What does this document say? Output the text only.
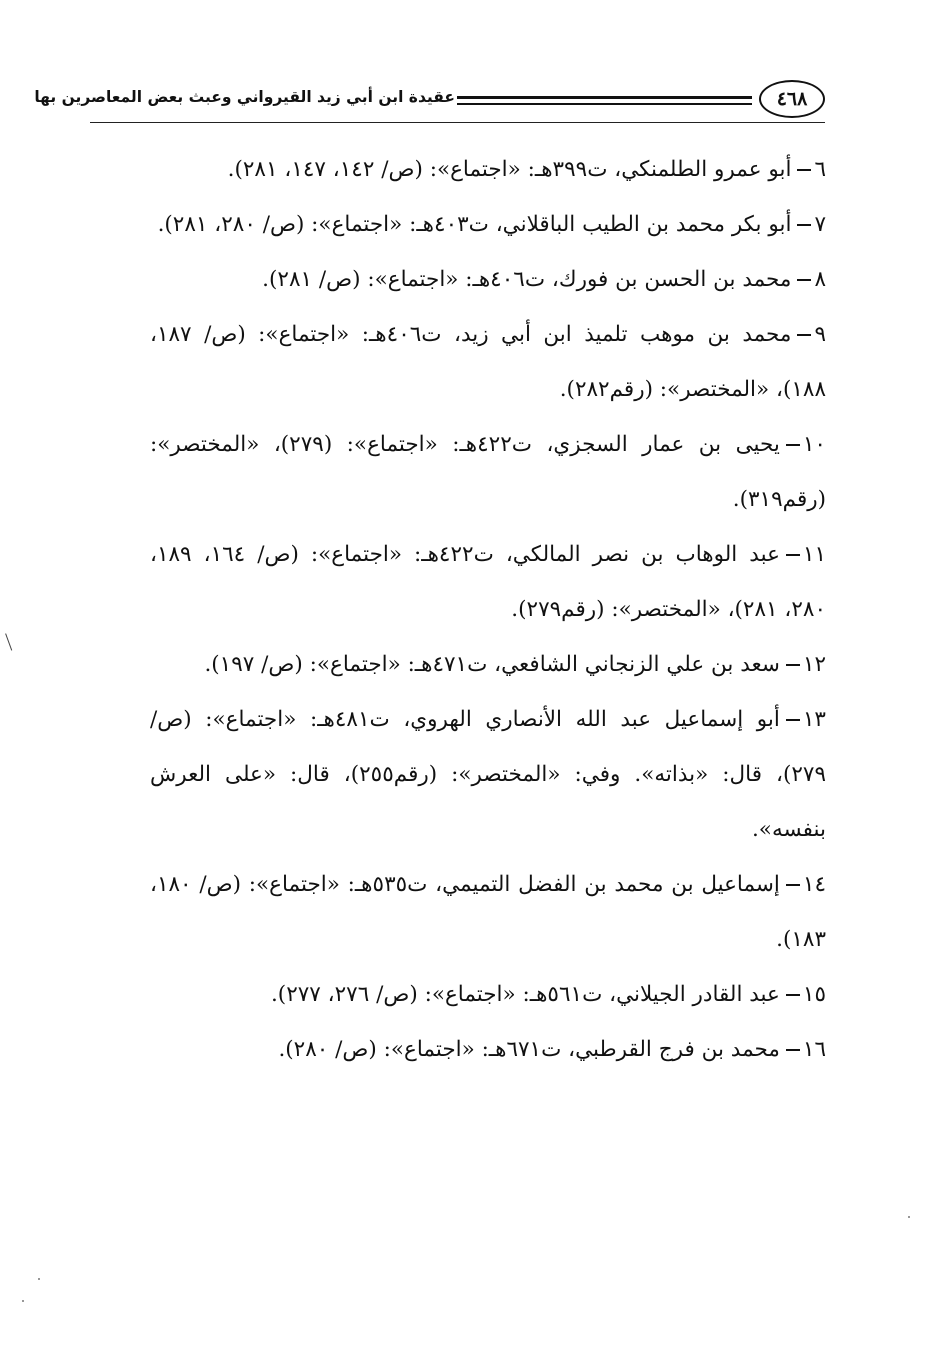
٤٦٨
عقيدة ابن أبي زيد القيرواني وعبث بعض المعاصرين بها

٦أبو عمرو الطلمنكي، ت٣٩٩هـ: «اجتماع»: (ص/ ١٤٢، ١٤٧، ٢٨١).

٧أبو بكر محمد بن الطيب الباقلاني، ت٤٠٣هـ: «اجتماع»: (ص/ ٢٨٠، ٢٨١).

٨محمد بن الحسن بن فورك، ت٤٠٦هـ: «اجتماع»: (ص/ ٢٨١).

٩محمد بن موهب تلميذ ابن أبي زيد، ت٤٠٦هـ: «اجتماع»: (ص/ ١٨٧، ١٨٨)، «المختصر»: (رقم٢٨٢).

١٠يحيى بن عمار السجزي، ت٤٢٢هـ: «اجتماع»: (٢٧٩)، «المختصر»: (رقم٣١٩).

١١عبد الوهاب بن نصر المالكي، ت٤٢٢هـ: «اجتماع»: (ص/ ١٦٤، ١٨٩، ٢٨٠، ٢٨١)، «المختصر»: (رقم٢٧٩).

١٢سعد بن علي الزنجاني الشافعي، ت٤٧١هـ: «اجتماع»: (ص/ ١٩٧).

١٣أبو إسماعيل عبد الله الأنصاري الهروي، ت٤٨١هـ: «اجتماع»: (ص/ ٢٧٩)، قال: «بذاته». وفي: «المختصر»: (رقم٢٥٥)، قال: «على العرش بنفسه».

١٤إسماعيل بن محمد بن الفضل التميمي، ت٥٣٥هـ: «اجتماع»: (ص/ ١٨٠، ١٨٣).

١٥عبد القادر الجيلاني، ت٥٦١هـ: «اجتماع»: (ص/ ٢٧٦، ٢٧٧).

١٦محمد بن فرج القرطبي، ت٦٧١هـ: «اجتماع»: (ص/ ٢٨٠).
